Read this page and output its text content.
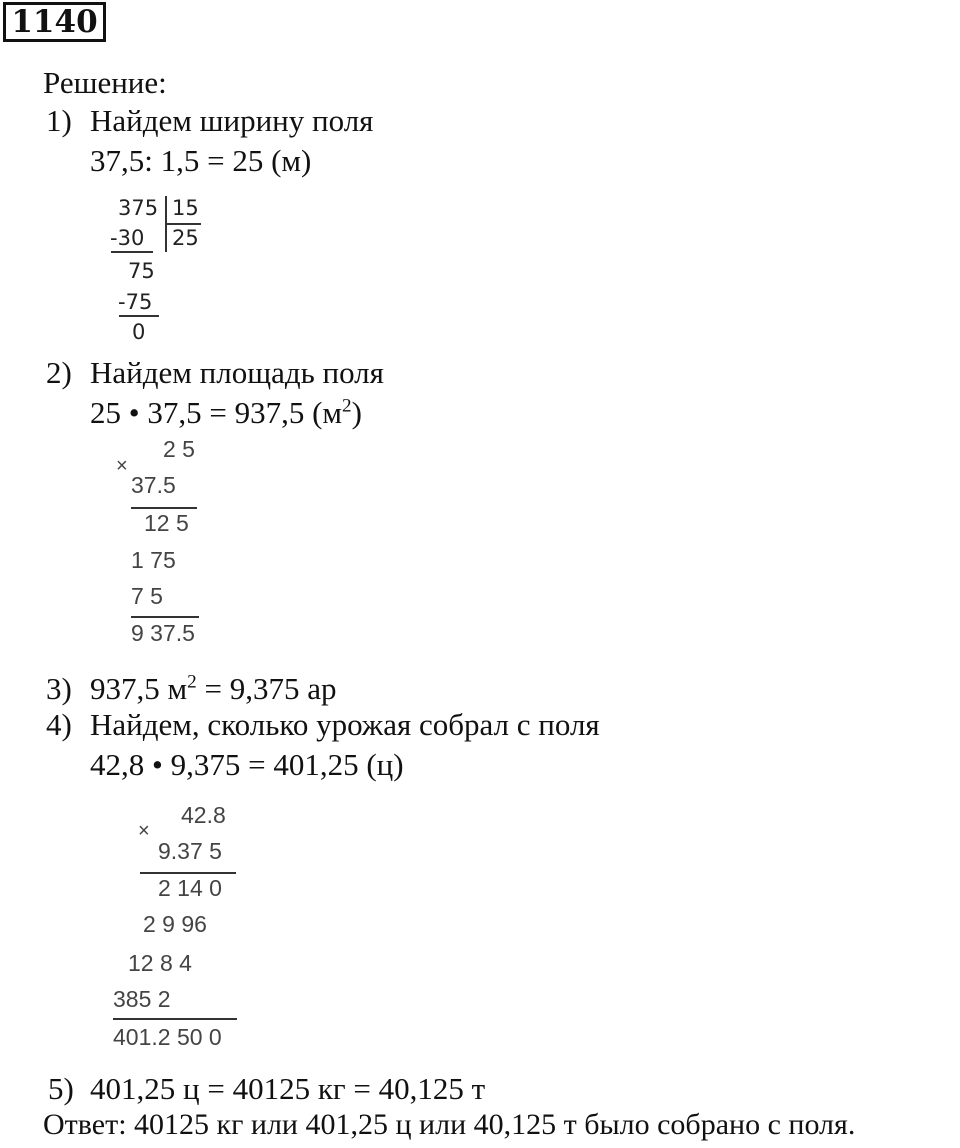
1140
Решение:
1) Найдем ширину поля
37,5: 1,5 = 25 (м)
375 15
-30 25
75
-75
0
2) Найдем площадь поля
25 • 37,5 = 937,5 $(м^2)$
2 5
×
37.5
12 5
1 75
7 5
9 37.5
3) 937,5 $м^2 = 9,375$ ар
4) Найдем, сколько урожая собрал с поля
42,8 • 9,375 = 401,25 (ц)
42.8
×
9.37 5
2 14 0
2 9 96
12 8 4
385 2
401.2 50 0
5) 401,25 ц = 40125 кг = 40,125 т
Ответ: 40125 кг или 401,25 ц или 40,125 т было собрано с поля.
